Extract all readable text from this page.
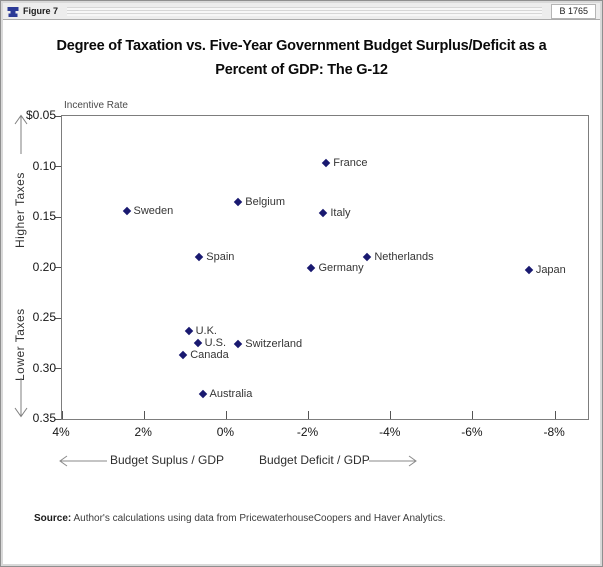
Figure 7	B 1765
Degree of Taxation vs. Five-Year Government Budget Surplus/Deficit as a
Percent of GDP: The G-12
Incentive Rate
Higher Taxes
Lower Taxes
Sweden
Canada
U.K.
U.S.
Spain
Australia
Belgium
Switzerland
Germany
Italy
France
Netherlands
Japan
Budget Suplus / GDP	Budget Deficit / GDP
$0.05
0.10
0.15
0.20
0.25
0.30
0.35
4%	2%	0%	-2%	-4%	-6%	-8%
Source: Author's calculations using data from PricewaterhouseCoopers and Haver Analytics.
